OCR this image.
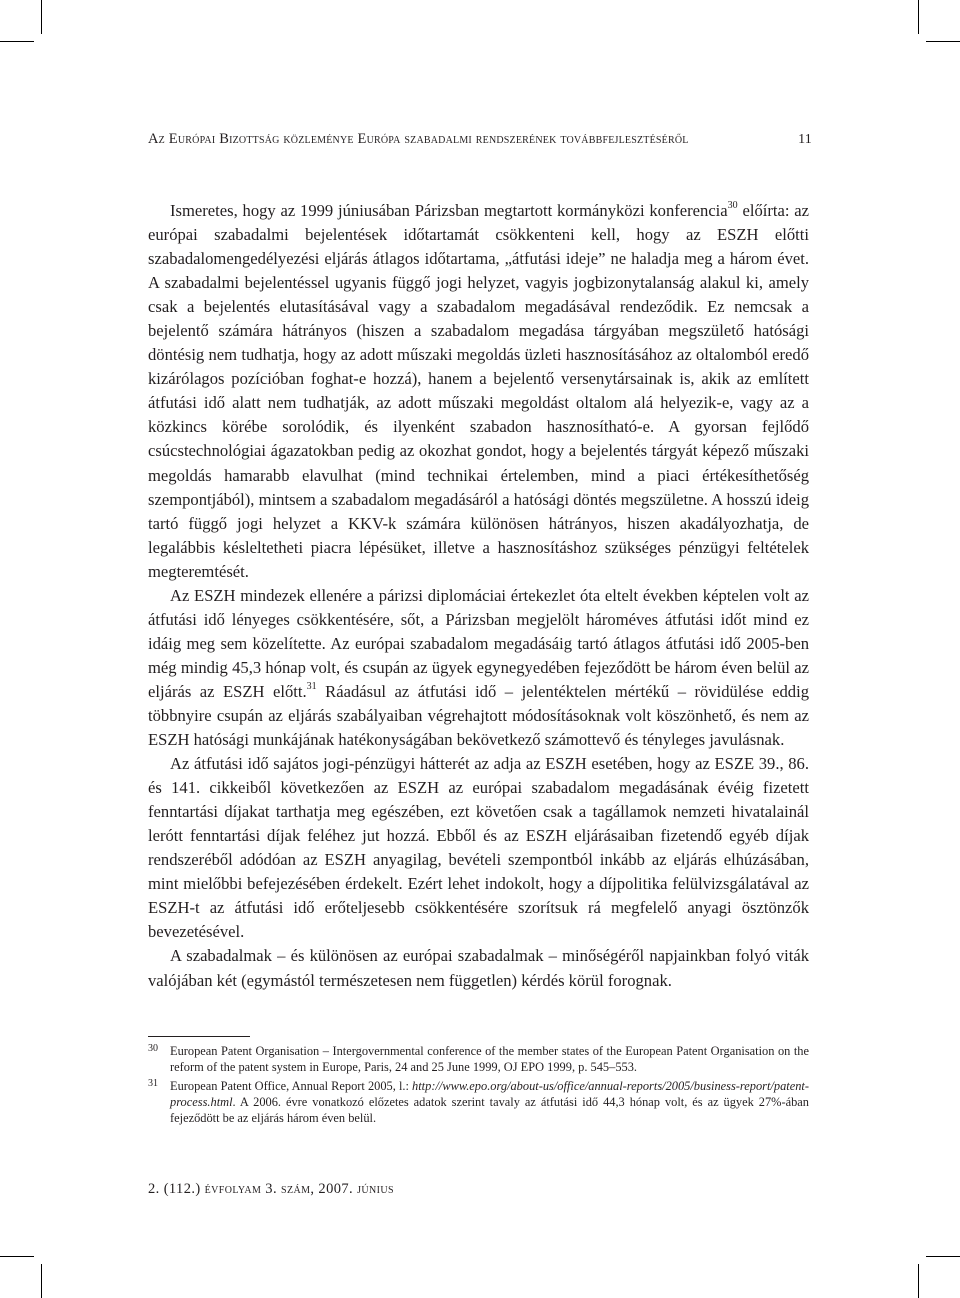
Az Európai Bizottság közleménye Európa szabadalmi rendszerének továbbfejlesztéséről	11

Ismeretes, hogy az 1999 júniusában Párizsban megtartott kormányközi konferencia$^{30}$ előírta: az európai szabadalmi bejelentések időtartamát csökkenteni kell, hogy az ESZH előtti szabadalomengedélyezési eljárás átlagos időtartama, „átfutási ideje” ne haladja meg a három évet. A szabadalmi bejelentéssel ugyanis függő jogi helyzet, vagyis jogbizonytalanság alakul ki, amely csak a bejelentés elutasításával vagy a szabadalom megadásával rendeződik. Ez nemcsak a bejelentő számára hátrányos (hiszen a szabadalom megadása tárgyában megszülető hatósági döntésig nem tudhatja, hogy az adott műszaki megoldás üzleti hasznosításához az oltalomból eredő kizárólagos pozícióban foghat-e hozzá), hanem a bejelentő versenytársainak is, akik az említett átfutási idő alatt nem tudhatják, az adott műszaki megoldást oltalom alá helyezik-e, vagy az a közkincs körébe sorolódik, és ilyenként szabadon hasznosítható-e. A gyorsan fejlődő csúcstechnológiai ágazatokban pedig az okozhat gondot, hogy a bejelentés tárgyát képező műszaki megoldás hamarabb elavulhat (mind technikai értelemben, mind a piaci értékesíthetőség szempontjából), mintsem a szabadalom megadásáról a hatósági döntés megszületne. A hosszú ideig tartó függő jogi helyzet a KKV-k számára különösen hátrányos, hiszen akadályozhatja, de legalábbis késleltetheti piacra lépésüket, illetve a hasznosításhoz szükséges pénzügyi feltételek megteremtését.

Az ESZH mindezek ellenére a párizsi diplomáciai értekezlet óta eltelt években képtelen volt az átfutási idő lényeges csökkentésére, sőt, a Párizsban megjelölt hároméves átfutási időt mind ez idáig meg sem közelítette. Az európai szabadalom megadásáig tartó átlagos átfutási idő 2005-ben még mindig 45,3 hónap volt, és csupán az ügyek egynegyedében fejeződött be három éven belül az eljárás az ESZH előtt.$^{31}$ Ráadásul az átfutási idő – jelentéktelen mértékű – rövidülése eddig többnyire csupán az eljárás szabályaiban végrehajtott módosításoknak volt köszönhető, és nem az ESZH hatósági munkájának hatékonyságában bekövetkező számottevő és tényleges javulásnak.

Az átfutási idő sajátos jogi-pénzügyi hátterét az adja az ESZH esetében, hogy az ESZE 39., 86. és 141. cikkeiből következően az ESZH az európai szabadalom megadásának évéig fizetett fenntartási díjakat tarthatja meg egészében, ezt követően csak a tagállamok nemzeti hivatalainál lerótt fenntartási díjak feléhez jut hozzá. Ebből és az ESZH eljárásaiban fizetendő egyéb díjak rendszeréből adódóan az ESZH anyagilag, bevételi szempontból inkább az eljárás elhúzásában, mint mielőbbi befejezésében érdekelt. Ezért lehet indokolt, hogy a díjpolitika felülvizsgálatával az ESZH-t az átfutási idő erőteljesebb csökkentésére szorítsuk rá megfelelő anyagi ösztönzők bevezetésével.

A szabadalmak – és különösen az európai szabadalmak – minőségéről napjainkban folyó viták valójában két (egymástól természetesen nem független) kérdés körül forognak.

30 European Patent Organisation – Intergovernmental conference of the member states of the European Patent Organisation on the reform of the patent system in Europe, Paris, 24 and 25 June 1999, OJ EPO 1999, p. 545–553.
31 European Patent Office, Annual Report 2005, l.: http://www.epo.org/about-us/office/annual-reports/2005/business-report/patent-process.html. A 2006. évre vonatkozó előzetes adatok szerint tavaly az átfutási idő 44,3 hónap volt, és az ügyek 27%-ában fejeződött be az eljárás három éven belül.
2. (112.) évfolyam 3. szám, 2007. június
